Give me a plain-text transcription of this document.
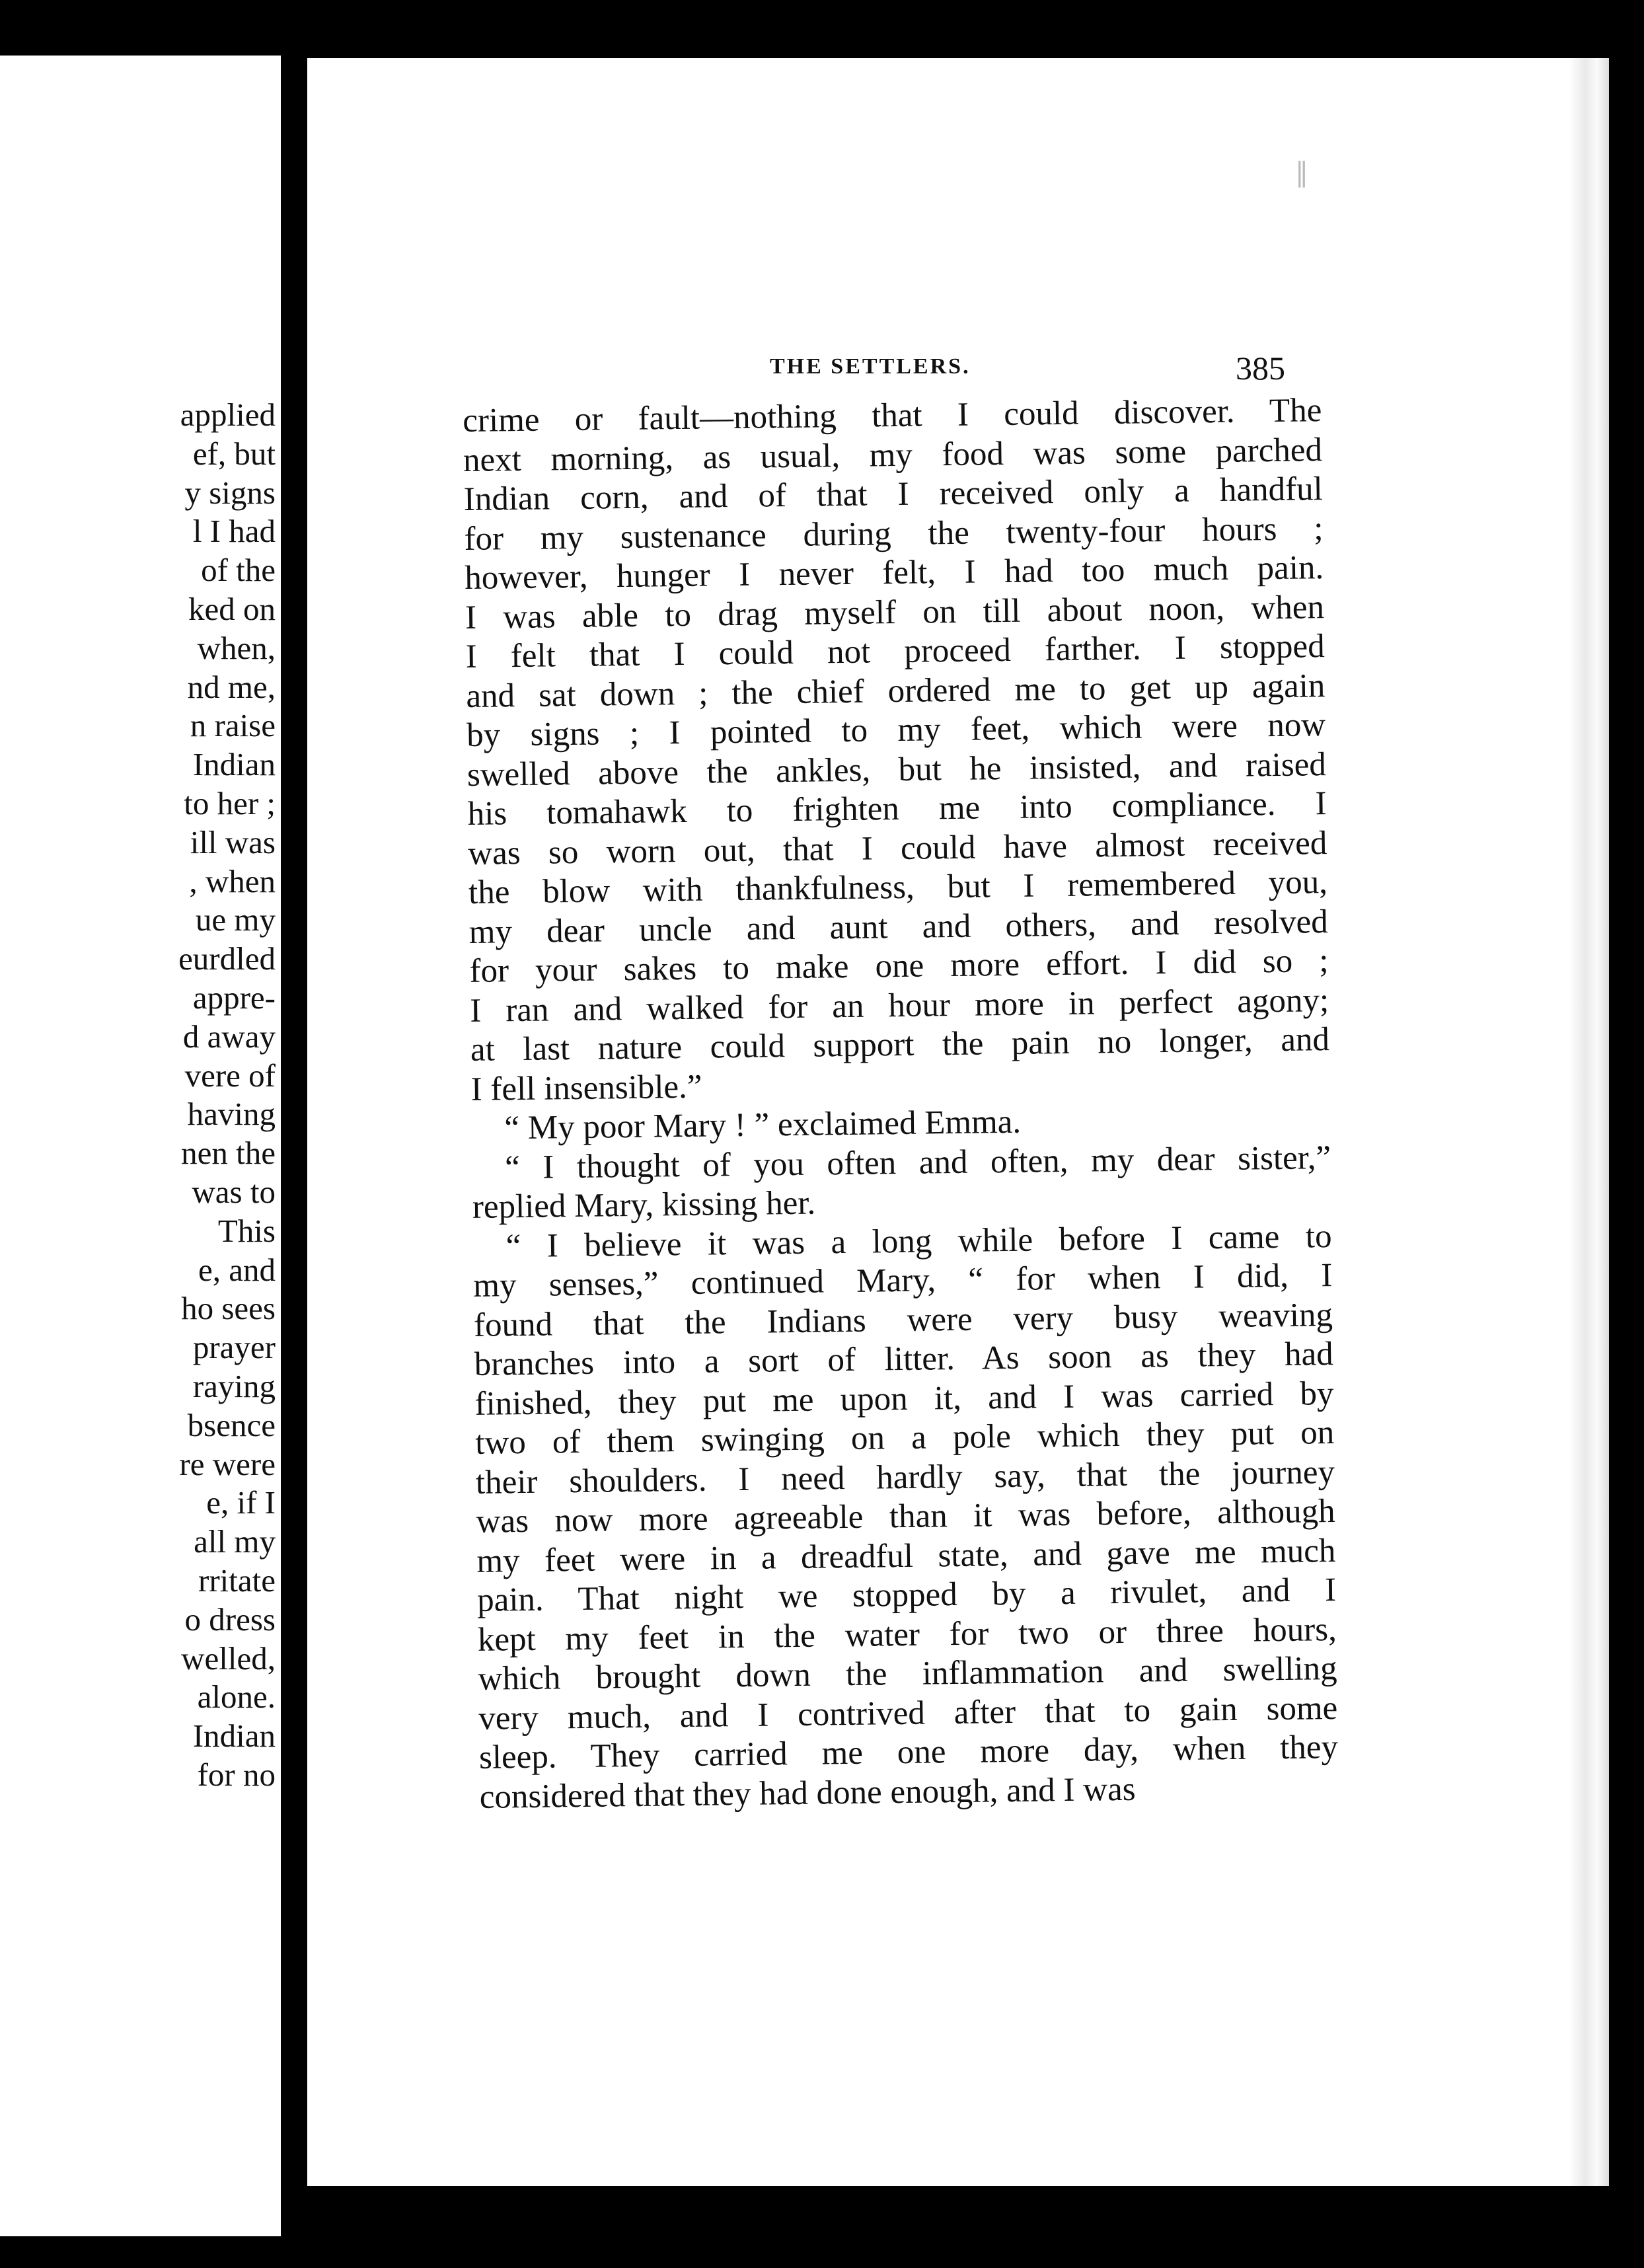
applied
ef, but
y signs
l I had
of the
ked on
when,
nd me,
n raise
Indian
to her ;
ill was
, when
ue my
eurdled
appre-
d away
vere of
having
nen the
was to
This
e, and
ho sees
prayer
raying
bsence
re were
e, if I
all my
rritate
o dress
welled,
alone.
Indian
for no
THE SETTLERS.	385
crime or fault—nothing that I could discover. The
next morning, as usual, my food was some parched
Indian corn, and of that I received only a handful
for my sustenance during the twenty-four hours ;
however, hunger I never felt, I had too much pain.
I was able to drag myself on till about noon, when
I felt that I could not proceed farther. I stopped
and sat down ; the chief ordered me to get up again
by signs ; I pointed to my feet, which were now
swelled above the ankles, but he insisted, and raised
his tomahawk to frighten me into compliance. I
was so worn out, that I could have almost received
the blow with thankfulness, but I remembered you,
my dear uncle and aunt and others, and resolved
for your sakes to make one more effort. I did so ;
I ran and walked for an hour more in perfect agony;
at last nature could support the pain no longer, and
I fell insensible.”
“ My poor Mary ! ” exclaimed Emma.
“ I thought of you often and often, my dear sister,”
replied Mary, kissing her.
“ I believe it was a long while before I came to
my senses,” continued Mary, “ for when I did, I
found that the Indians were very busy weaving
branches into a sort of litter. As soon as they had
finished, they put me upon it, and I was carried by
two of them swinging on a pole which they put on
their shoulders. I need hardly say, that the journey
was now more agreeable than it was before, although
my feet were in a dreadful state, and gave me much
pain. That night we stopped by a rivulet, and I
kept my feet in the water for two or three hours,
which brought down the inflammation and swelling
very much, and I contrived after that to gain some
sleep. They carried me one more day, when they
considered that they had done enough, and I was
‖
